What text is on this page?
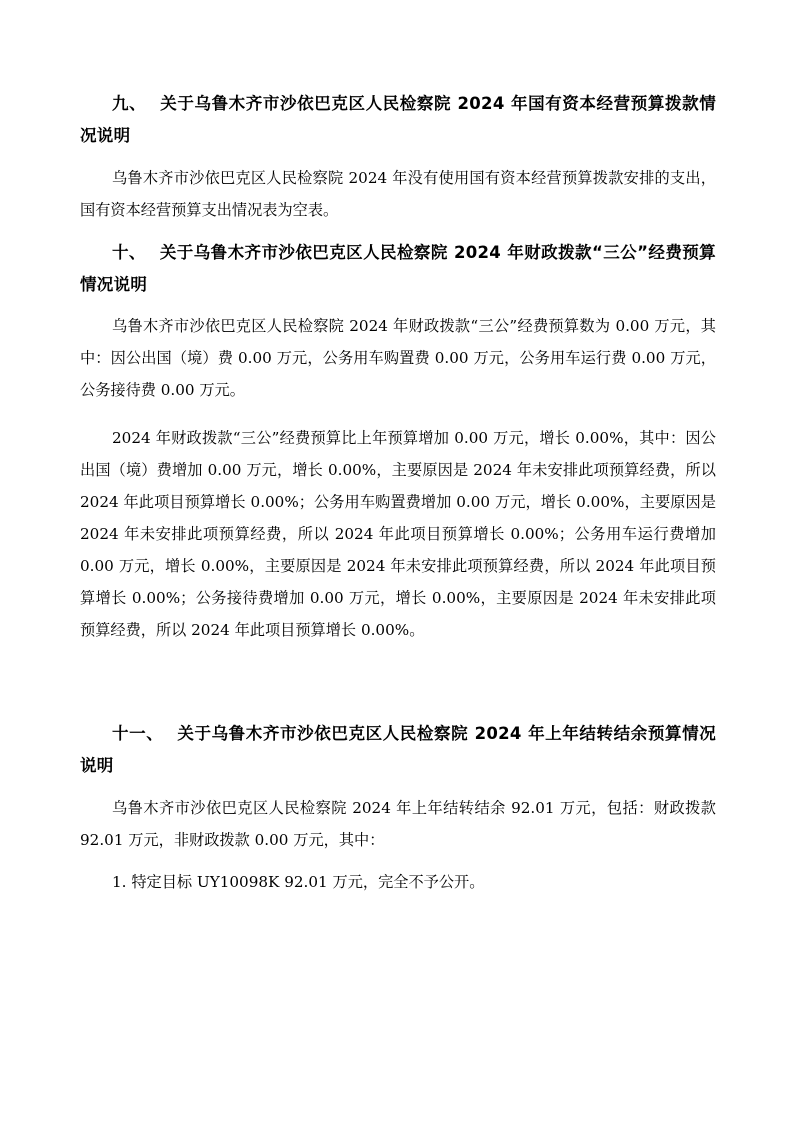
九、 关于乌鲁木齐市沙依巴克区人民检察院 2024 年国有资本经营预算拨款情况说明

乌鲁木齐市沙依巴克区人民检察院 2024 年没有使用国有资本经营预算拨款安排的支出，国有资本经营预算支出情况表为空表。

十、 关于乌鲁木齐市沙依巴克区人民检察院 2024 年财政拨款“三公”经费预算情况说明

乌鲁木齐市沙依巴克区人民检察院 2024 年财政拨款“三公”经费预算数为 0.00 万元，其中：因公出国（境）费 0.00 万元，公务用车购置费 0.00 万元，公务用车运行费 0.00 万元，公务接待费 0.00 万元。

2024 年财政拨款“三公”经费预算比上年预算增加 0.00 万元，增长 0.00%，其中：因公出国（境）费增加 0.00 万元，增长 0.00%，主要原因是 2024 年未安排此项预算经费，所以 2024 年此项目预算增长 0.00%；公务用车购置费增加 0.00 万元，增长 0.00%，主要原因是 2024 年未安排此项预算经费，所以 2024 年此项目预算增长 0.00%；公务用车运行费增加 0.00 万元，增长 0.00%，主要原因是 2024 年未安排此项预算经费，所以 2024 年此项目预算增长 0.00%；公务接待费增加 0.00 万元，增长 0.00%，主要原因是 2024 年未安排此项预算经费，所以 2024 年此项目预算增长 0.00%。

十一、 关于乌鲁木齐市沙依巴克区人民检察院 2024 年上年结转结余预算情况说明

乌鲁木齐市沙依巴克区人民检察院 2024 年上年结转结余 92.01 万元，包括：财政拨款 92.01 万元，非财政拨款 0.00 万元，其中：

1. 特定目标 UY10098K 92.01 万元，完全不予公开。
